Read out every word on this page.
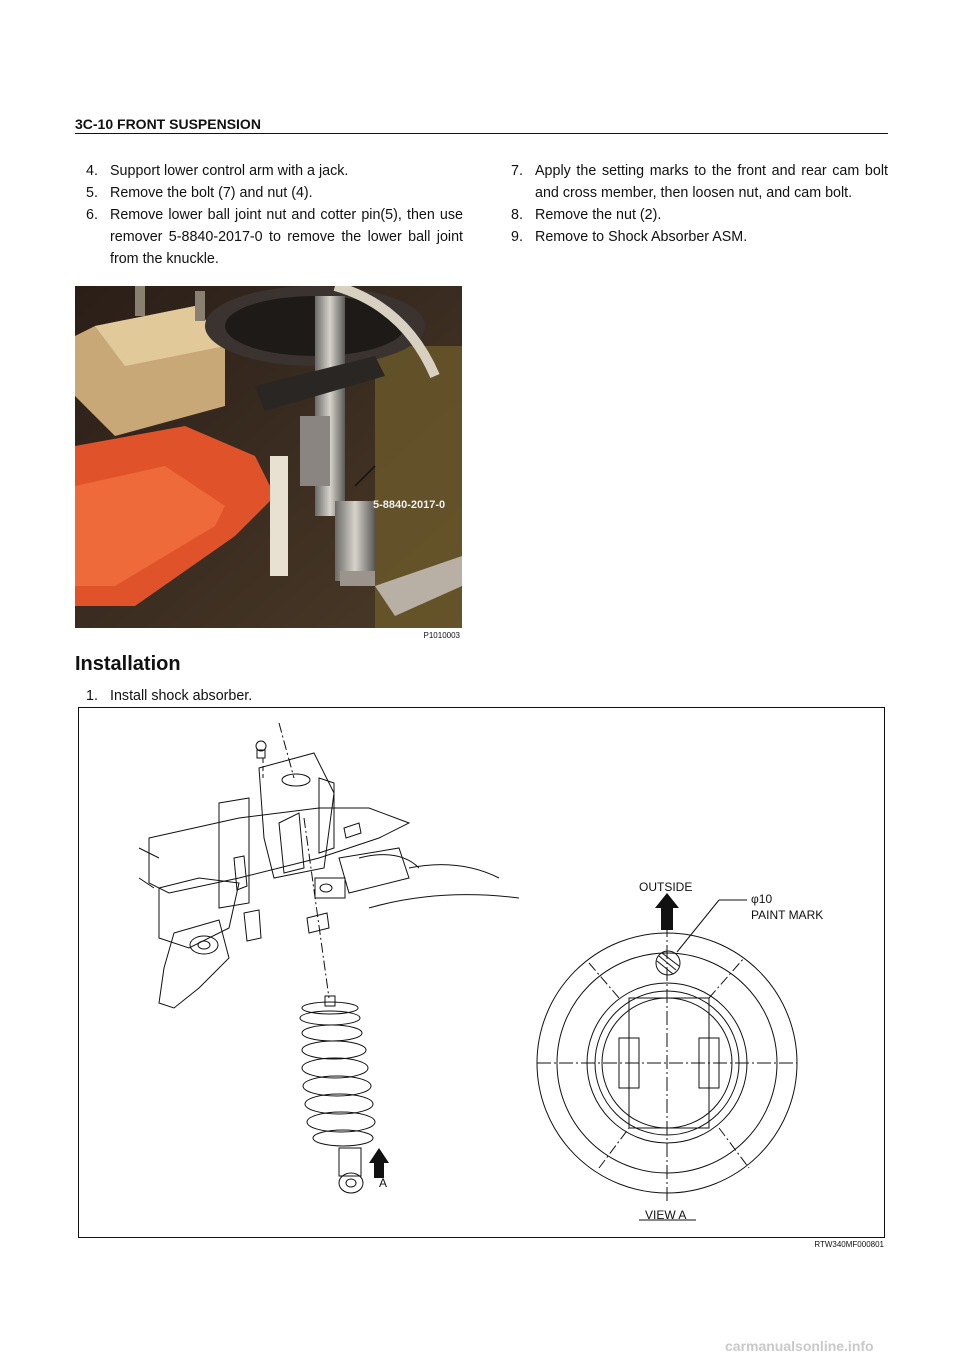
3C-10 FRONT SUSPENSION
4. Support lower control arm with a jack.
5. Remove the bolt (7) and nut (4).
6. Remove lower ball joint nut and cotter pin(5), then use remover 5-8840-2017-0 to remove the lower ball joint from the knuckle.
7. Apply the setting marks to the front and rear cam bolt and cross member, then loosen nut, and cam bolt.
8. Remove the nut (2).
9. Remove to Shock Absorber ASM.
5-8840-2017-0
P1010003
Installation
1. Install shock absorber.
OUTSIDE
φ10
PAINT MARK
A
VIEW A
RTW340MF000801
carmanualsonline.info
